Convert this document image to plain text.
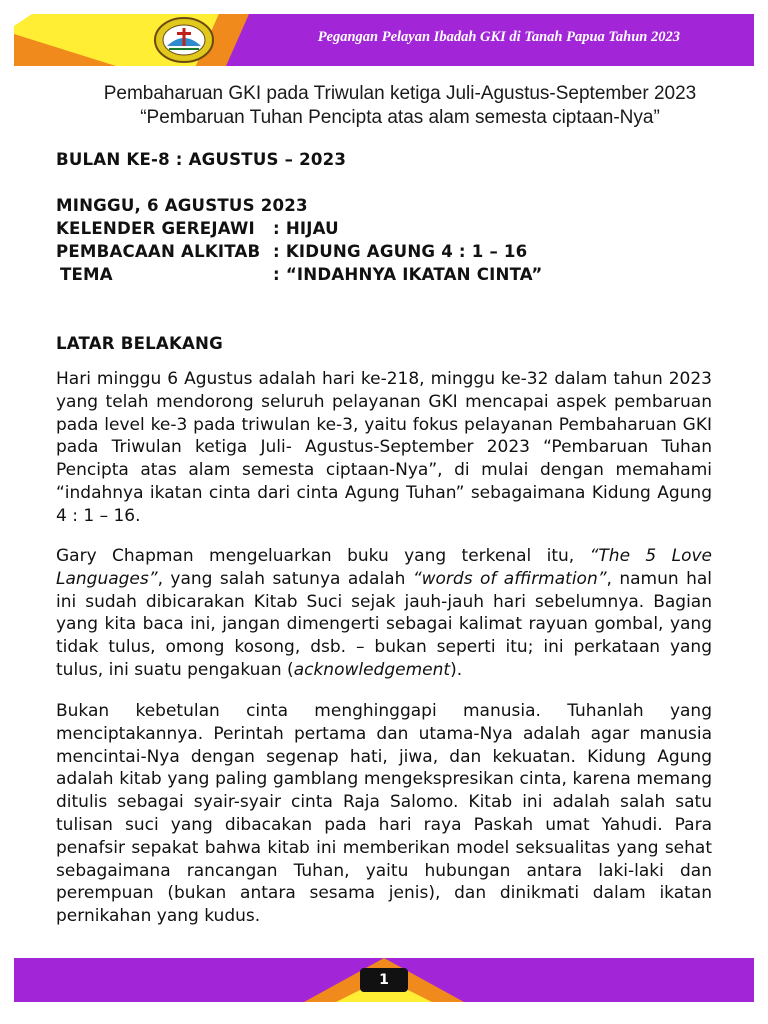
Pegangan Pelayan Ibadah GKI di Tanah Papua Tahun 2023
Pembaharuan GKI pada Triwulan ketiga Juli-Agustus-September 2023
“Pembaruan Tuhan Pencipta atas alam semesta ciptaan-Nya”
BULAN KE-8 : AGUSTUS – 2023
MINGGU, 6 AGUSTUS 2023
KELENDER GEREJAWI : HIJAU
PEMBACAAN ALKITAB : KIDUNG AGUNG 4 : 1 – 16
TEMA	: “INDAHNYA IKATAN CINTA”
LATAR BELAKANG
Hari minggu 6 Agustus adalah hari ke-218, minggu ke-32 dalam tahun 2023 yang telah mendorong seluruh pelayanan GKI mencapai aspek pembaruan pada level ke-3 pada triwulan ke-3, yaitu fokus pelayanan Pembaharuan GKI pada Triwulan ketiga Juli- Agustus-September 2023 “Pembaruan Tuhan Pencipta atas alam semesta ciptaan-Nya”, di mulai dengan memahami “indahnya ikatan cinta dari cinta Agung Tuhan” sebagaimana Kidung Agung 4 : 1 – 16.
Gary Chapman mengeluarkan buku yang terkenal itu, “The 5 Love Languages”, yang salah satunya adalah “words of affirmation”, namun hal ini sudah dibicarakan Kitab Suci sejak jauh-jauh hari sebelumnya. Bagian yang kita baca ini, jangan dimengerti sebagai kalimat rayuan gombal, yang tidak tulus, omong kosong, dsb. – bukan seperti itu; ini perkataan yang tulus, ini suatu pengakuan (acknowledgement).
Bukan kebetulan cinta menghinggapi manusia. Tuhanlah yang menciptakannya. Perintah pertama dan utama-Nya adalah agar manusia mencintai-Nya dengan segenap hati, jiwa, dan kekuatan. Kidung Agung adalah kitab yang paling gamblang mengekspresikan cinta, karena memang ditulis sebagai syair-syair cinta Raja Salomo. Kitab ini adalah salah satu tulisan suci yang dibacakan pada hari raya Paskah umat Yahudi. Para penafsir sepakat bahwa kitab ini memberikan model seksualitas yang sehat sebagaimana rancangan Tuhan, yaitu hubungan antara laki-laki dan perempuan (bukan antara sesama jenis), dan dinikmati dalam ikatan pernikahan yang kudus.
1
